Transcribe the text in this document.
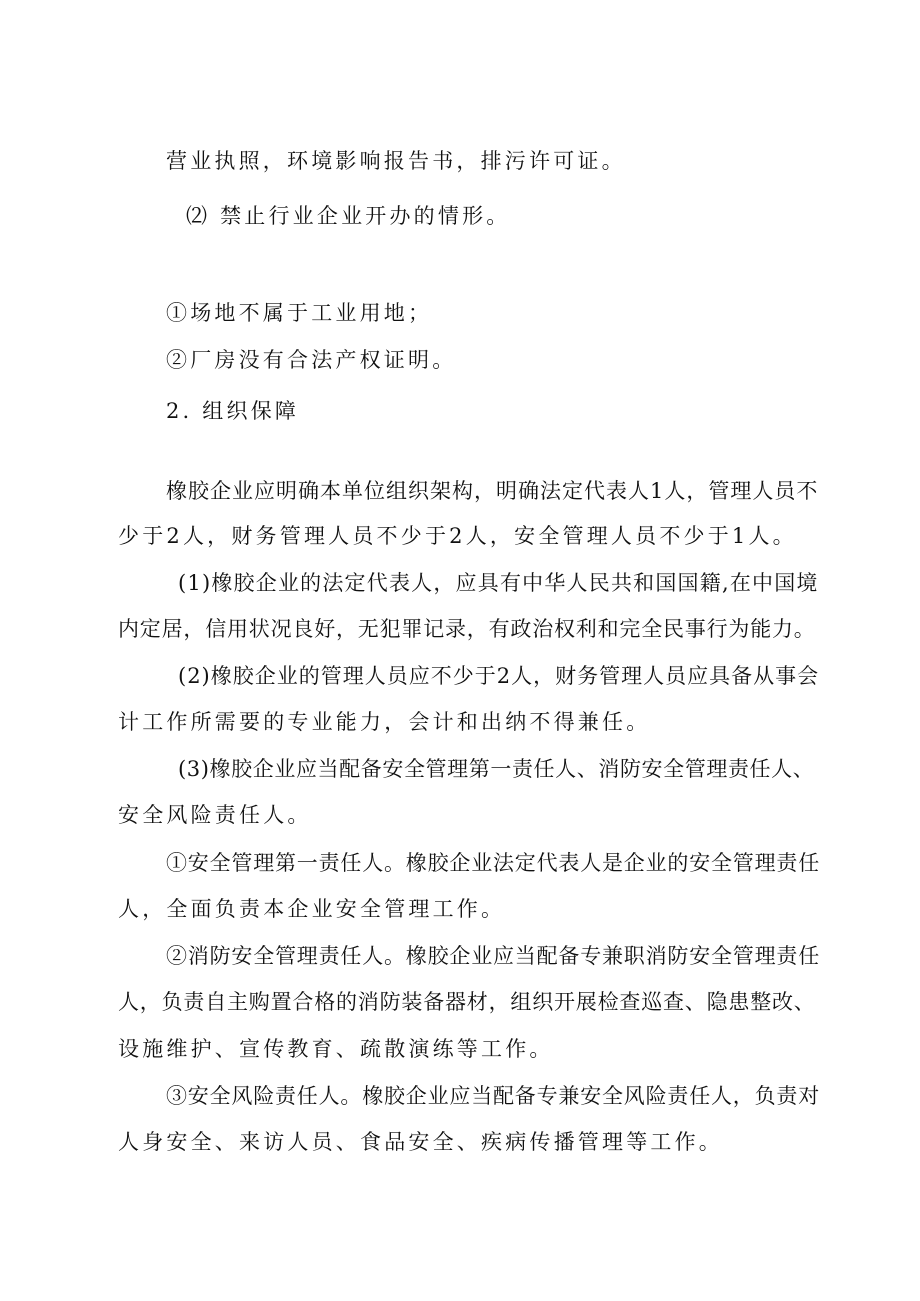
营业执照，环境影响报告书，排污许可证。
⑵ 禁止行业企业开办的情形。
①场地不属于工业用地；
②厂房没有合法产权证明。
2. 组织保障
橡胶企业应明确本单位组织架构，明确法定代表人1人，管理人员不
少于2人，财务管理人员不少于2人，安全管理人员不少于1人。
(1)橡胶企业的法定代表人，应具有中华人民共和国国籍,在中国境
内定居，信用状况良好，无犯罪记录，有政治权利和完全民事行为能力。
(2)橡胶企业的管理人员应不少于2人，财务管理人员应具备从事会
计工作所需要的专业能力，会计和出纳不得兼任。
(3)橡胶企业应当配备安全管理第一责任人、消防安全管理责任人、
安全风险责任人。
①安全管理第一责任人。橡胶企业法定代表人是企业的安全管理责任
人，全面负责本企业安全管理工作。
②消防安全管理责任人。橡胶企业应当配备专兼职消防安全管理责任
人，负责自主购置合格的消防装备器材，组织开展检查巡查、隐患整改、
设施维护、宣传教育、疏散演练等工作。
③安全风险责任人。橡胶企业应当配备专兼安全风险责任人，负责对
人身安全、来访人员、食品安全、疾病传播管理等工作。
